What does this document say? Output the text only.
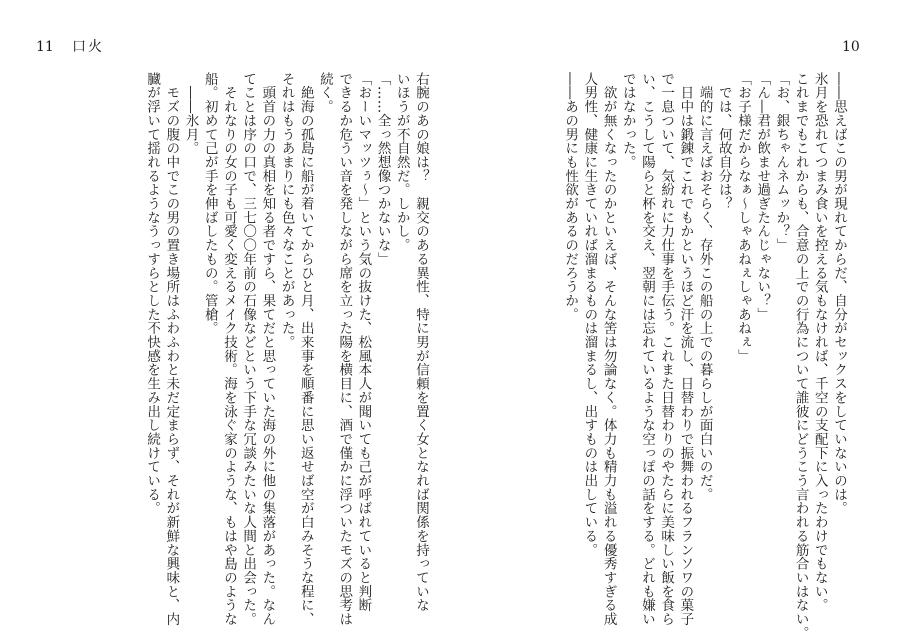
11 口火
右腕のあの娘は？　親交のある異性、特に男が信頼を置く女となれば関係を持っていな
いほうが不自然だ。しかし。
「……全っ然想像つかないな」
「おーいマッツぅ〜」という気の抜けた、松風本人が聞いても己が呼ばれていると判断
できるか危うい音を発しながら席を立った陽を横目に、酒で僅かに浮ついたモズの思考は
続く。
　絶海の孤島に船が着いてからひと月、出来事を順番に思い返せば空が白みそうな程に、
それはもうあまりにも色々なことがあった。
　頭首の力の真相を知る者ですら、果てだと思っていた海の外に他の集落があった。なん
てことは序の口で、三七〇〇年前の石像などという下手な冗談みたいな人間と出会った。
　それなりの女の子も可愛く変えるメイク技術。海を泳ぐ家のような、もはや島のような
船。初めて己が手を伸ばしたもの。管槍。
　――氷月。
　モズの腹の中でこの男の置き場所はふわふわと未だ定まらず、それが新鮮な興味と、内
臓が浮いて揺れるようなうっすらとした不快感を生み出し続けている。
10
――思えばこの男が現れてからだ、自分がセックスをしていないのは。
氷月を恐れてつまみ食いを控える気もなければ、千空の支配下に入ったわけでもない。
これまでもこれからも、合意の上での行為について誰彼にどうこう言われる筋合いはない。
「お、銀ちゃんネムッか？」
「ん―君が飲ませ過ぎたんじゃない？」
「お子様だからなぁ〜しゃあねぇしゃあねぇ」
　では、何故自分は？
　端的に言えばおそらく、存外この船の上での暮らしが面白いのだ。
　日中は鍛錬でこれでもかというほど汗を流し、日替わりで振舞われるフランソワの菓子
で一息ついて、気紛れに力仕事を手伝う。これまた日替わりのやたらに美味しい飯を食ら
い、こうして陽らと杯を交え、翌朝には忘れているような空っぽの話をする。どれも嫌い
ではなかった。
　欲が無くなったのかといえば、そんな筈は勿論なく。体力も精力も溢れる優秀すぎる成
人男性、健康に生きていれば溜まるものは溜まるし、出すものは出している。
――あの男にも性欲があるのだろうか。
